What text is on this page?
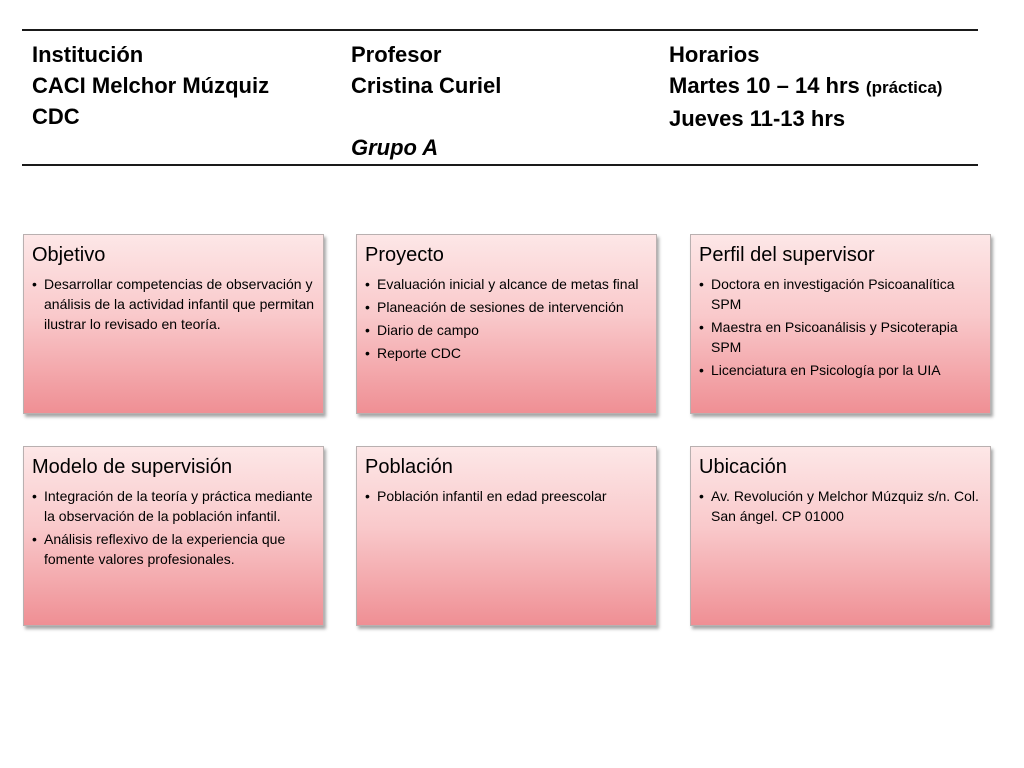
Institución
CACI Melchor Múzquiz
CDC
Profesor
Cristina Curiel
Grupo A
Horarios
Martes 10 – 14 hrs (práctica)
Jueves 11-13 hrs
Objetivo
• Desarrollar competencias de observación y análisis de la actividad infantil que permitan ilustrar lo revisado en teoría.
Proyecto
• Evaluación inicial y alcance de metas final
• Planeación de sesiones de intervención
• Diario de campo
• Reporte CDC
Perfil del supervisor
• Doctora en investigación Psicoanalítica SPM
• Maestra en Psicoanálisis y Psicoterapia SPM
• Licenciatura en Psicología por la UIA
Modelo de supervisión
• Integración de la teoría y práctica mediante la observación de la población infantil.
• Análisis reflexivo de la experiencia que fomente valores profesionales.
Población
• Población infantil en edad preescolar
Ubicación
• Av. Revolución y Melchor Múzquiz s/n. Col. San ángel. CP 01000
